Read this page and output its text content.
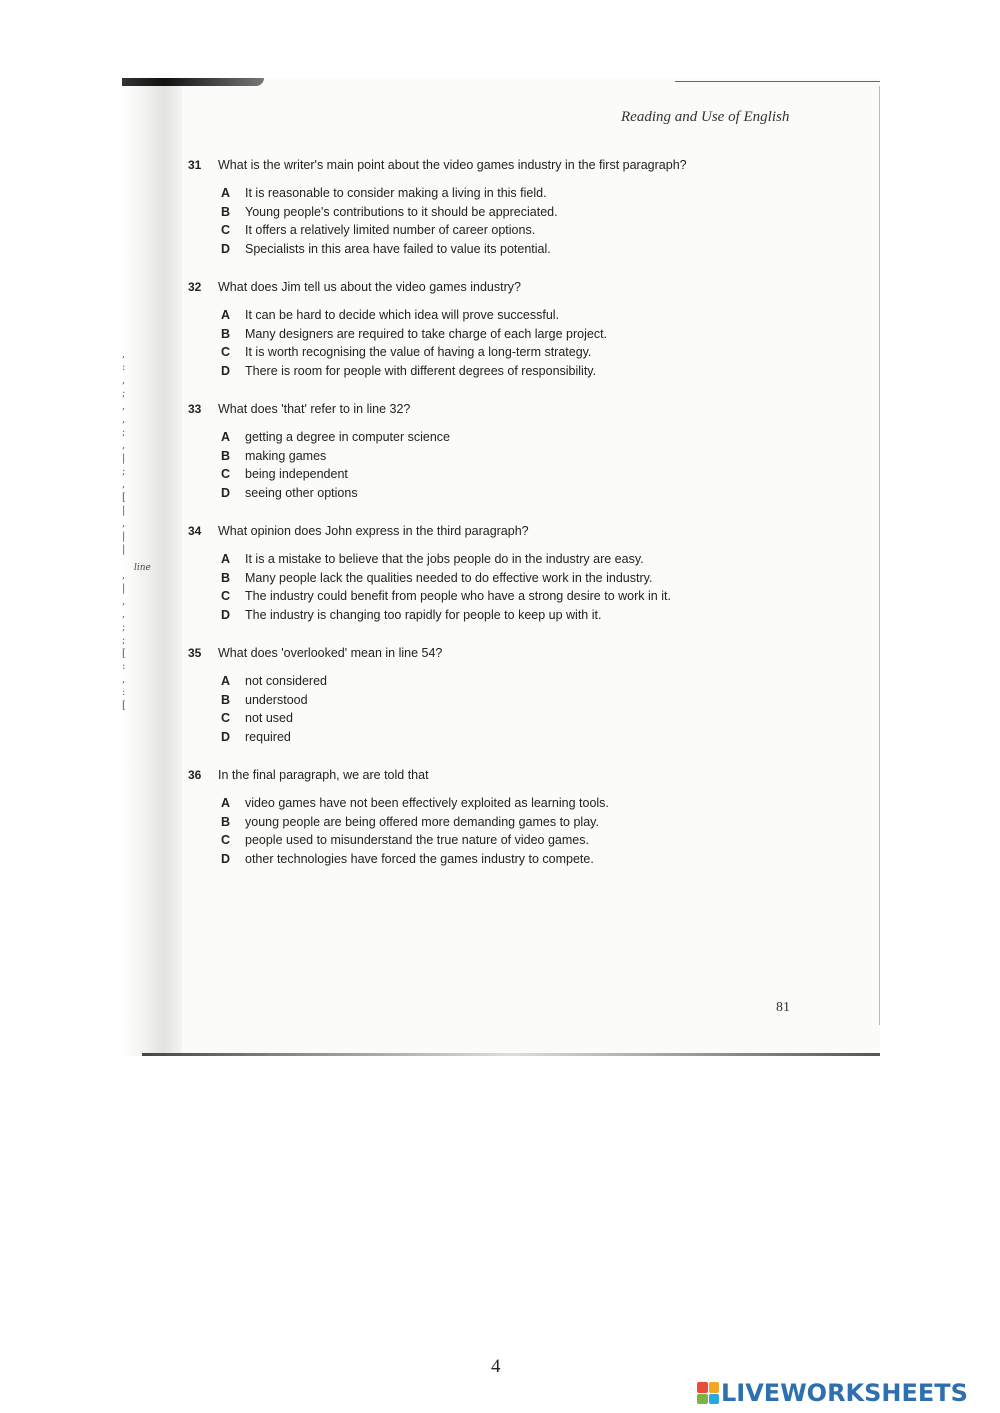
,
:
,
;
,
,
;
,
|
;
,
[
|
,
|
|

,
|
,
,
;
;
[
:
,
:
[
line
Reading and Use of English
31	What is the writer's main point about the video games industry in the first paragraph?
A	It is reasonable to consider making a living in this field.
B	Young people's contributions to it should be appreciated.
C	It offers a relatively limited number of career options.
D	Specialists in this area have failed to value its potential.
32	What does Jim tell us about the video games industry?
A	It can be hard to decide which idea will prove successful.
B	Many designers are required to take charge of each large project.
C	It is worth recognising the value of having a long-term strategy.
D	There is room for people with different degrees of responsibility.
33	What does 'that' refer to in line 32?
A	getting a degree in computer science
B	making games
C	being independent
D	seeing other options
34	What opinion does John express in the third paragraph?
A	It is a mistake to believe that the jobs people do in the industry are easy.
B	Many people lack the qualities needed to do effective work in the industry.
C	The industry could benefit from people who have a strong desire to work in it.
D	The industry is changing too rapidly for people to keep up with it.
35	What does 'overlooked' mean in line 54?
A	not considered
B	understood
C	not used
D	required
36	In the final paragraph, we are told that
A	video games have not been effectively exploited as learning tools.
B	young people are being offered more demanding games to play.
C	people used to misunderstand the true nature of video games.
D	other technologies have forced the games industry to compete.
81
4
LIVEWORKSHEETS
